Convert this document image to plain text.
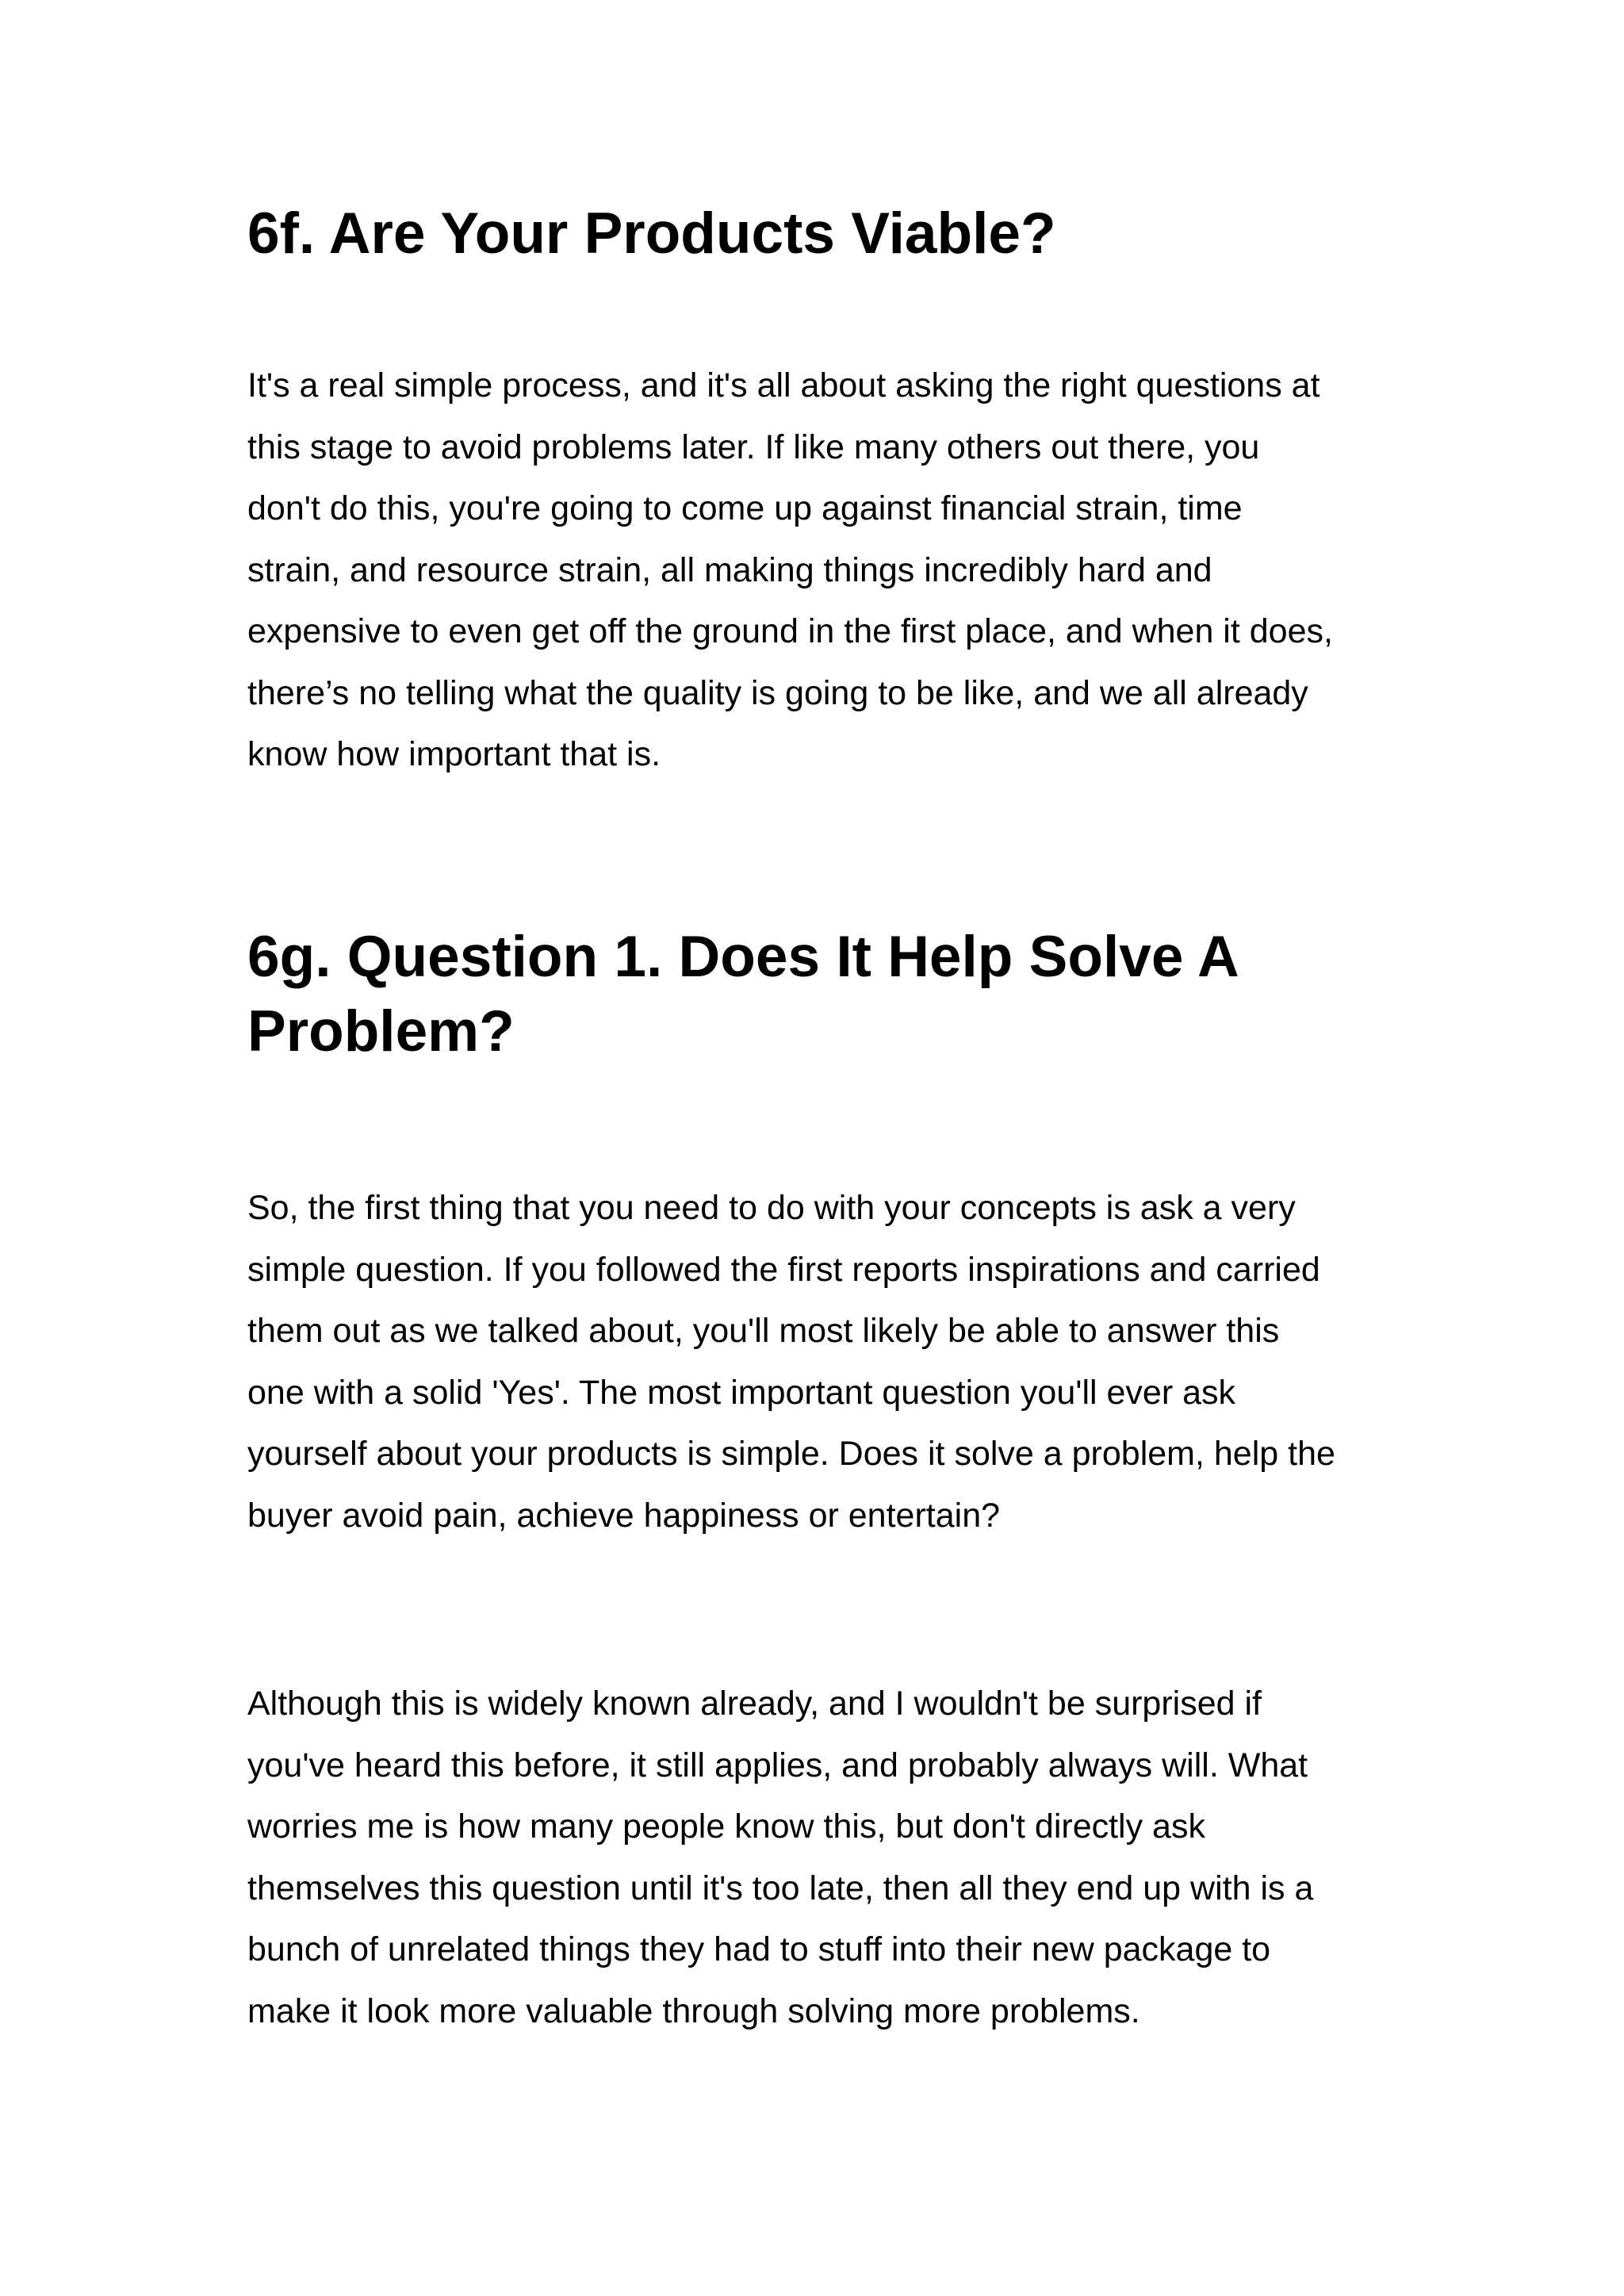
6f. Are Your Products Viable?
It's a real simple process, and it's all about asking the right questions at
this stage to avoid problems later. If like many others out there, you
don't do this, you're going to come up against financial strain, time
strain, and resource strain, all making things incredibly hard and
expensive to even get off the ground in the first place, and when it does,
there’s no telling what the quality is going to be like, and we all already
know how important that is.
6g. Question 1. Does It Help Solve A
Problem?
So, the first thing that you need to do with your concepts is ask a very
simple question. If you followed the first reports inspirations and carried
them out as we talked about, you'll most likely be able to answer this
one with a solid 'Yes'. The most important question you'll ever ask
yourself about your products is simple. Does it solve a problem, help the
buyer avoid pain, achieve happiness or entertain?
Although this is widely known already, and I wouldn't be surprised if
you've heard this before, it still applies, and probably always will. What
worries me is how many people know this, but don't directly ask
themselves this question until it's too late, then all they end up with is a
bunch of unrelated things they had to stuff into their new package to
make it look more valuable through solving more problems.
